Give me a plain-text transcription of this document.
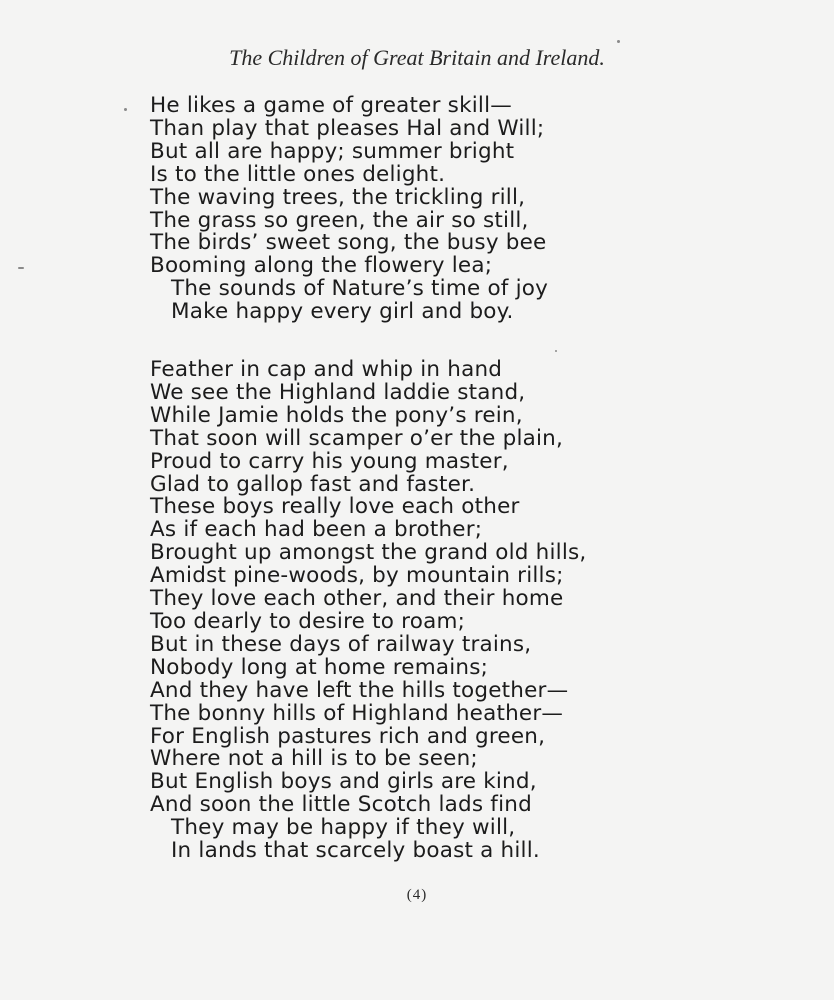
The Children of Great Britain and Ireland.
He likes a game of greater skill—
Than play that pleases Hal and Will;
But all are happy; summer bright
Is to the little ones delight.
The waving trees, the trickling rill,
The grass so green, the air so still,
The birds’ sweet song, the busy bee
Booming along the flowery lea;
The sounds of Nature’s time of joy
Make happy every girl and boy.
Feather in cap and whip in hand
We see the Highland laddie stand,
While Jamie holds the pony’s rein,
That soon will scamper o’er the plain,
Proud to carry his young master,
Glad to gallop fast and faster.
These boys really love each other
As if each had been a brother;
Brought up amongst the grand old hills,
Amidst pine-woods, by mountain rills;
They love each other, and their home
Too dearly to desire to roam;
But in these days of railway trains,
Nobody long at home remains;
And they have left the hills together—
The bonny hills of Highland heather—
For English pastures rich and green,
Where not a hill is to be seen;
But English boys and girls are kind,
And soon the little Scotch lads find
They may be happy if they will,
In lands that scarcely boast a hill.
(4)
